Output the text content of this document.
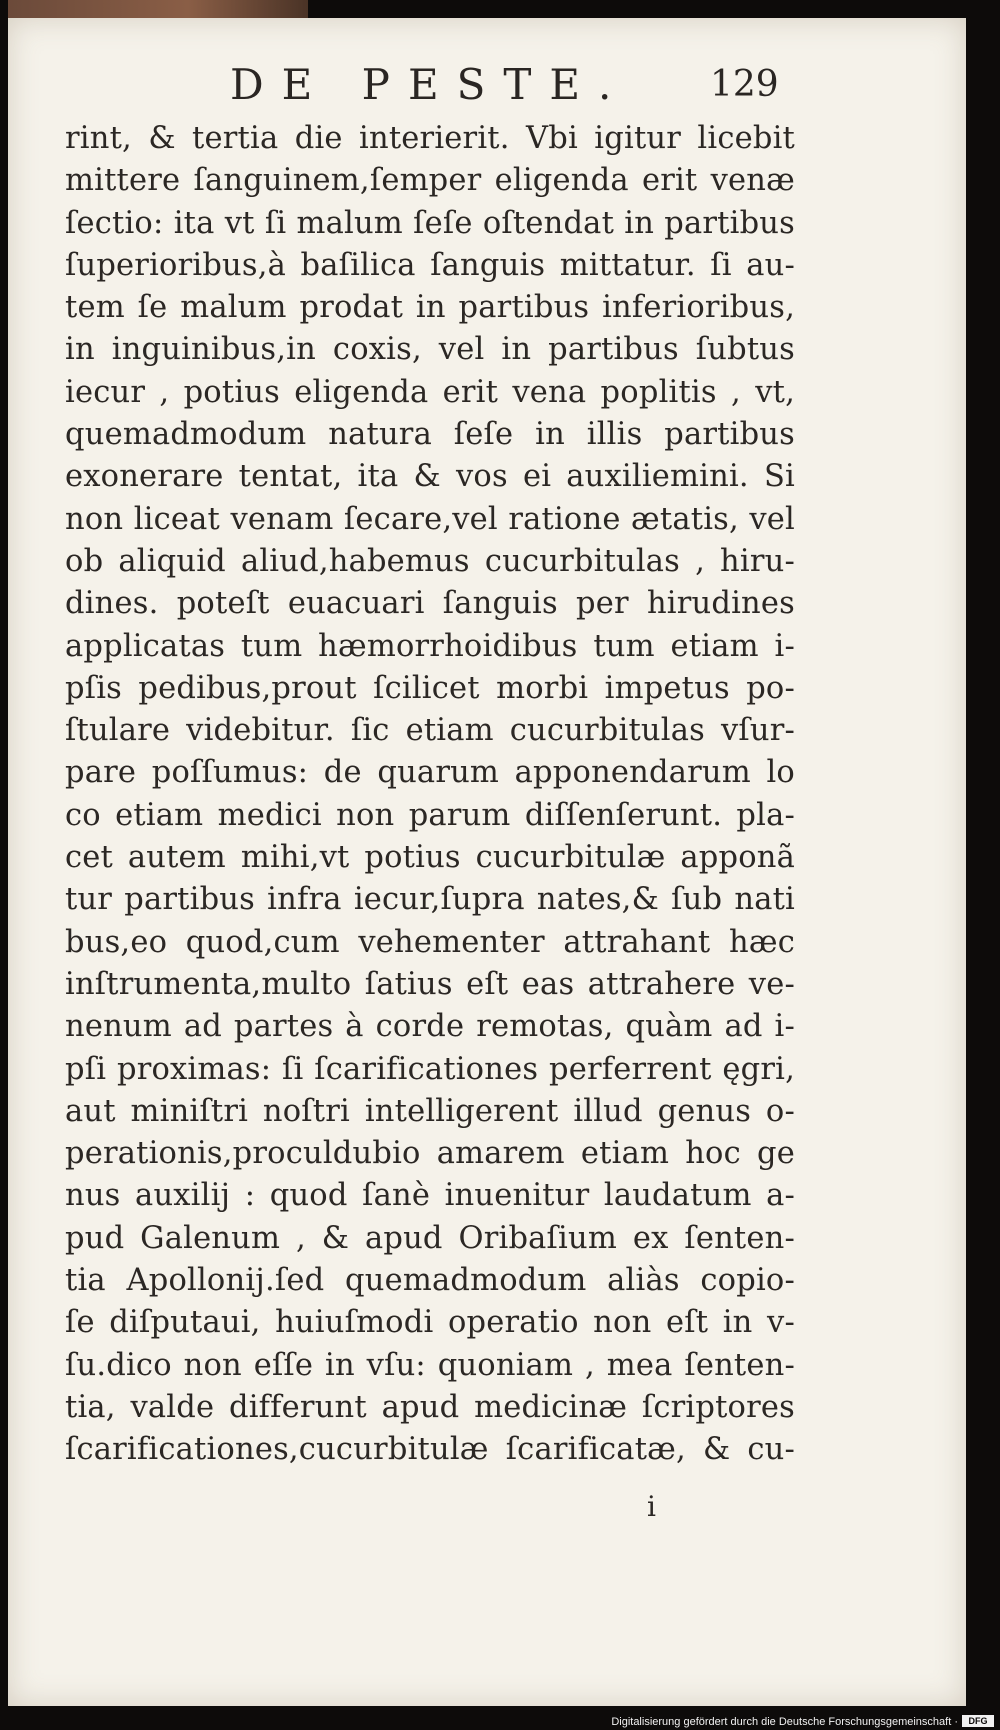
DE PESTE. 129
rint, & tertia die interierit. Vbi igitur licebit
mittere ſanguinem,ſemper eligenda erit venæ
ſectio: ita vt ſi malum ſeſe oſtendat in partibus
ſuperioribus,à baſilica ſanguis mittatur. ſi au-
tem ſe malum prodat in partibus inferioribus,
in inguinibus,in coxis, vel in partibus ſubtus
iecur , potius eligenda erit vena poplitis , vt,
quemadmodum natura ſeſe in illis partibus
exonerare tentat, ita & vos ei auxiliemini. Si
non liceat venam ſecare,vel ratione ætatis, vel
ob aliquid aliud,habemus cucurbitulas , hiru-
dines. poteſt euacuari ſanguis per hirudines
applicatas tum hæmorrhoidibus tum etiam i-
pſis pedibus,prout ſcilicet morbi impetus po-
ſtulare videbitur. ſic etiam cucurbitulas vſur-
pare poſſumus: de quarum apponendarum lo
co etiam medici non parum diſſenſerunt. pla-
cet autem mihi,vt potius cucurbitulæ apponã
tur partibus infra iecur,ſupra nates,& ſub nati
bus,eo quod,cum vehementer attrahant hæc
inſtrumenta,multo ſatius eſt eas attrahere ve-
nenum ad partes à corde remotas, quàm ad i-
pſi proximas: ſi ſcarificationes perferrent ęgri,
aut miniſtri noſtri intelligerent illud genus o-
perationis,proculdubio amarem etiam hoc ge
nus auxilij : quod ſanè inuenitur laudatum a-
pud Galenum , & apud Oribaſium ex ſenten-
tia Apollonij.ſed quemadmodum aliàs copio-
ſe diſputaui, huiuſmodi operatio non eſt in v-
ſu.dico non eſſe in vſu: quoniam , mea ſenten-
tia, valde differunt apud medicinæ ſcriptores
ſcarificationes,cucurbitulæ ſcarificatæ, & cu-
i
Digitalisierung gefördert durch die Deutsche Forschungsgemeinschaft ·	DFG
